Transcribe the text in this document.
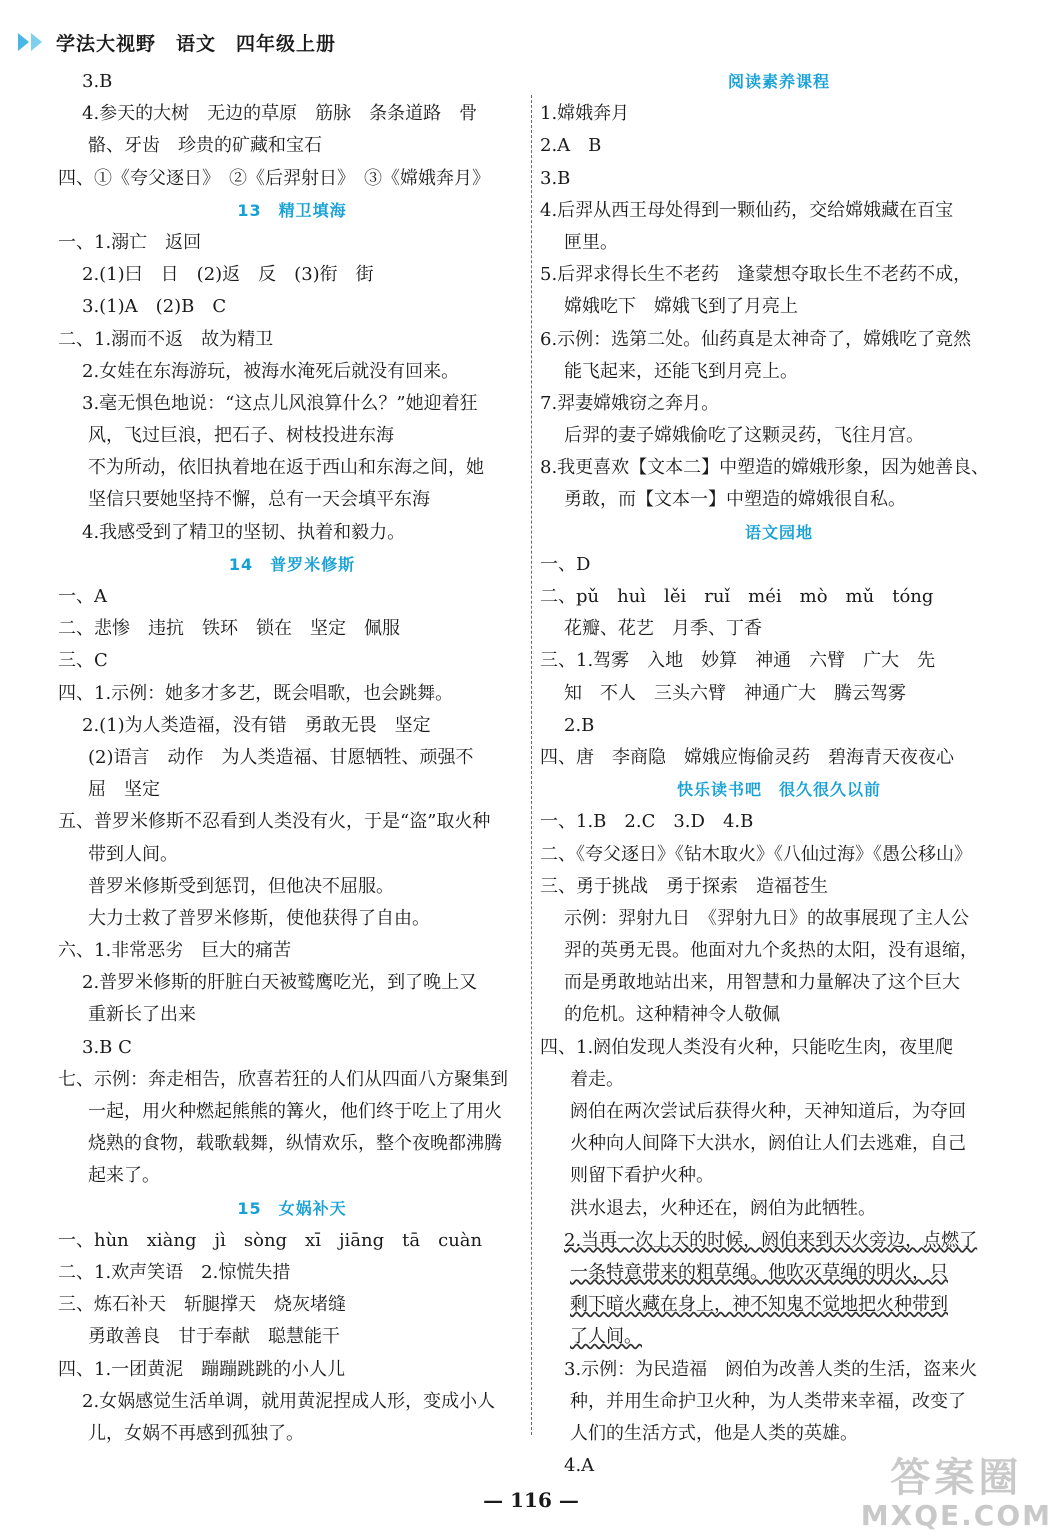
学法大视野　语文　四年级上册
3.B
4.参天的大树　无边的草原　筋脉　条条道路　骨
骼、牙齿　珍贵的矿藏和宝石
四、①《夸父逐日》　②《后羿射日》　③《嫦娥奔月》
13　精卫填海
一、1.溺亡　返回
2.(1)曰　日　(2)返　反　(3)衔　街
3.(1)A　(2)B　C
二、1.溺而不返　故为精卫
2.女娃在东海游玩，被海水淹死后就没有回来。
3.毫无惧色地说：“这点儿风浪算什么？”她迎着狂
风，飞过巨浪，把石子、树枝投进东海
不为所动，依旧执着地在返于西山和东海之间，她
坚信只要她坚持不懈，总有一天会填平东海
4.我感受到了精卫的坚韧、执着和毅力。
14　普罗米修斯
一、A
二、悲惨　违抗　铁环　锁在　坚定　佩服
三、C
四、1.示例：她多才多艺，既会唱歌，也会跳舞。
2.(1)为人类造福，没有错　勇敢无畏　坚定
(2)语言　动作　为人类造福、甘愿牺牲、顽强不
屈　坚定
五、普罗米修斯不忍看到人类没有火，于是“盗”取火种
带到人间。
普罗米修斯受到惩罚，但他决不屈服。
大力士救了普罗米修斯，使他获得了自由。
六、1.非常恶劣　巨大的痛苦
2.普罗米修斯的肝脏白天被鹫鹰吃光，到了晚上又
重新长了出来
3.B C
七、示例：奔走相告，欣喜若狂的人们从四面八方聚集到
一起，用火种燃起熊熊的篝火，他们终于吃上了用火
烧熟的食物，载歌载舞，纵情欢乐，整个夜晚都沸腾
起来了。
15　女娲补天
一、hùn　xiàng　jì　sòng　xī　jiāng　tā　cuàn
二、1.欢声笑语　2.惊慌失措
三、炼石补天　斩腿撑天　烧灰堵缝
勇敢善良　甘于奉献　聪慧能干
四、1.一团黄泥　蹦蹦跳跳的小人儿
2.女娲感觉生活单调，就用黄泥捏成人形，变成小人
儿，女娲不再感到孤独了。
阅读素养课程
1.嫦娥奔月
2.A　B
3.B
4.后羿从西王母处得到一颗仙药，交给嫦娥藏在百宝
匣里。
5.后羿求得长生不老药　逢蒙想夺取长生不老药不成，
嫦娥吃下　嫦娥飞到了月亮上
6.示例：选第二处。仙药真是太神奇了，嫦娥吃了竟然
能飞起来，还能飞到月亮上。
7.羿妻嫦娥窃之奔月。
后羿的妻子嫦娥偷吃了这颗灵药，飞往月宫。
8.我更喜欢【文本二】中塑造的嫦娥形象，因为她善良、
勇敢，而【文本一】中塑造的嫦娥很自私。
语文园地
一、D
二、pǔ　huì　lěi　ruǐ　méi　mò　mǔ　tóng
花瓣、花艺　月季、丁香
三、1.驾雾　入地　妙算　神通　六臂　广大　先
知　不人　三头六臂　神通广大　腾云驾雾
2.B
四、唐　李商隐　嫦娥应悔偷灵药　碧海青天夜夜心
快乐读书吧　很久很久以前
一、1.B　2.C　3.D　4.B
二、《夸父逐日》《钻木取火》《八仙过海》《愚公移山》
三、勇于挑战　勇于探索　造福苍生
示例：羿射九日　《羿射九日》的故事展现了主人公
羿的英勇无畏。他面对九个炙热的太阳，没有退缩，
而是勇敢地站出来，用智慧和力量解决了这个巨大
的危机。这种精神令人敬佩
四、1.阏伯发现人类没有火种，只能吃生肉，夜里爬
着走。
阏伯在两次尝试后获得火种，天神知道后，为夺回
火种向人间降下大洪水，阏伯让人们去逃难，自己
则留下看护火种。
洪水退去，火种还在，阏伯为此牺牲。
2.当再一次上天的时候，阏伯来到天火旁边，点燃了
一条特意带来的粗草绳。他吹灭草绳的明火，只
剩下暗火藏在身上，神不知鬼不觉地把火种带到
了人间。
3.示例：为民造福　阏伯为改善人类的生活，盗来火
种，并用生命护卫火种，为人类带来幸福，改变了
人们的生活方式，他是人类的英雄。
4.A
— 116 —	答案圈
MXQE.COM
